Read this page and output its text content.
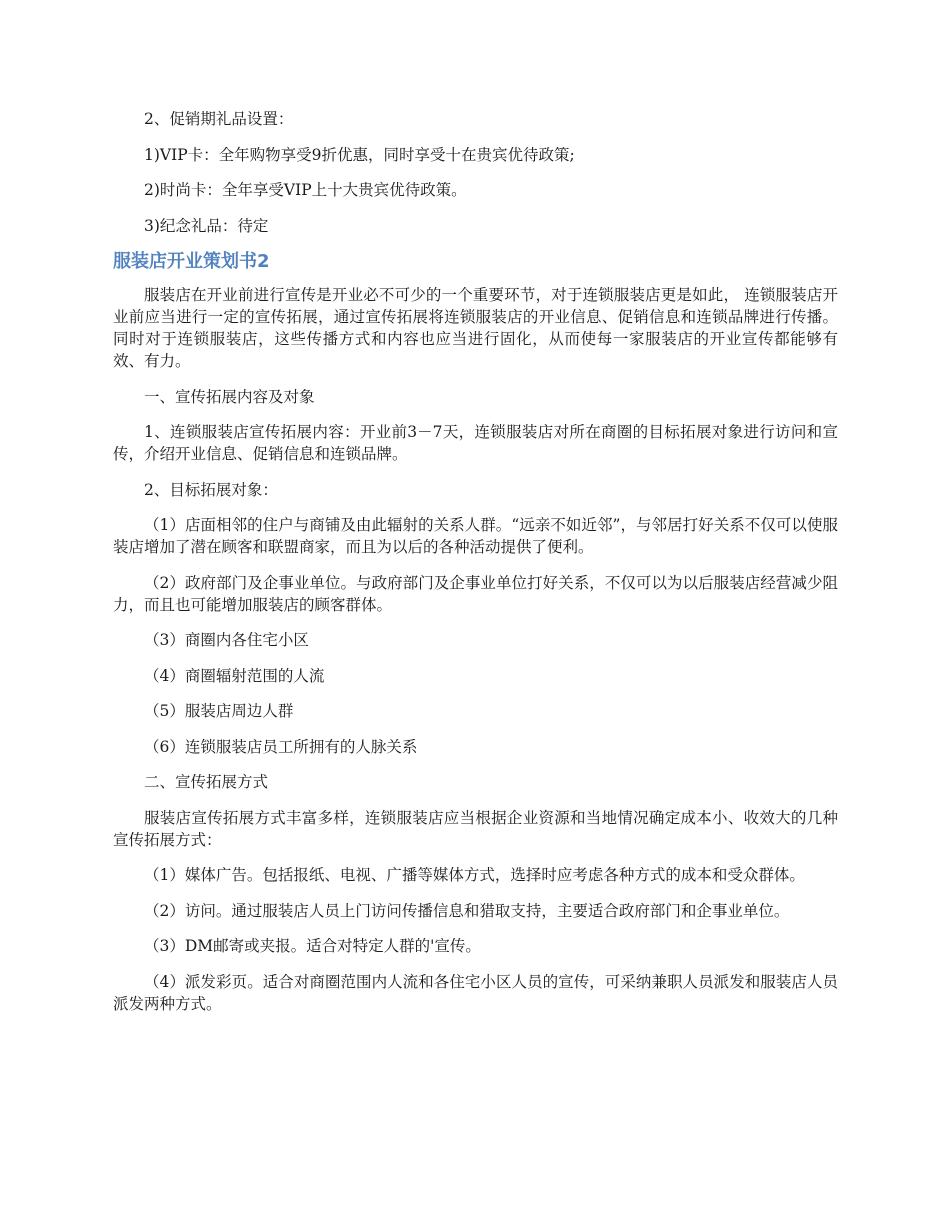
2、促销期礼品设置：

1)VIP卡：全年购物享受9折优惠，同时享受十在贵宾优待政策;

2)时尚卡：全年享受VIP上十大贵宾优待政策。

3)纪念礼品：待定

服装店开业策划书2

服装店在开业前进行宣传是开业必不可少的一个重要环节，对于连锁服装店更是如此， 连锁服装店开业前应当进行一定的宣传拓展，通过宣传拓展将连锁服装店的开业信息、促销信息和连锁品牌进行传播。同时对于连锁服装店，这些传播方式和内容也应当进行固化，从而使每一家服装店的开业宣传都能够有效、有力。

一、宣传拓展内容及对象

1、连锁服装店宣传拓展内容：开业前3－7天，连锁服装店对所在商圈的目标拓展对象进行访问和宣传，介绍开业信息、促销信息和连锁品牌。

2、目标拓展对象：

（1）店面相邻的住户与商铺及由此辐射的关系人群。“远亲不如近邻”，与邻居打好关系不仅可以使服装店增加了潜在顾客和联盟商家，而且为以后的各种活动提供了便利。

（2）政府部门及企事业单位。与政府部门及企事业单位打好关系，不仅可以为以后服装店经营减少阻力，而且也可能增加服装店的顾客群体。

（3）商圈内各住宅小区

（4）商圈辐射范围的人流

（5）服装店周边人群

（6）连锁服装店员工所拥有的人脉关系

二、宣传拓展方式

服装店宣传拓展方式丰富多样，连锁服装店应当根据企业资源和当地情况确定成本小、收效大的几种宣传拓展方式：

（1）媒体广告。包括报纸、电视、广播等媒体方式，选择时应考虑各种方式的成本和受众群体。

（2）访问。通过服装店人员上门访问传播信息和猎取支持，主要适合政府部门和企事业单位。

（3）DM邮寄或夹报。适合对特定人群的'宣传。

（4）派发彩页。适合对商圈范围内人流和各住宅小区人员的宣传，可采纳兼职人员派发和服装店人员派发两种方式。
